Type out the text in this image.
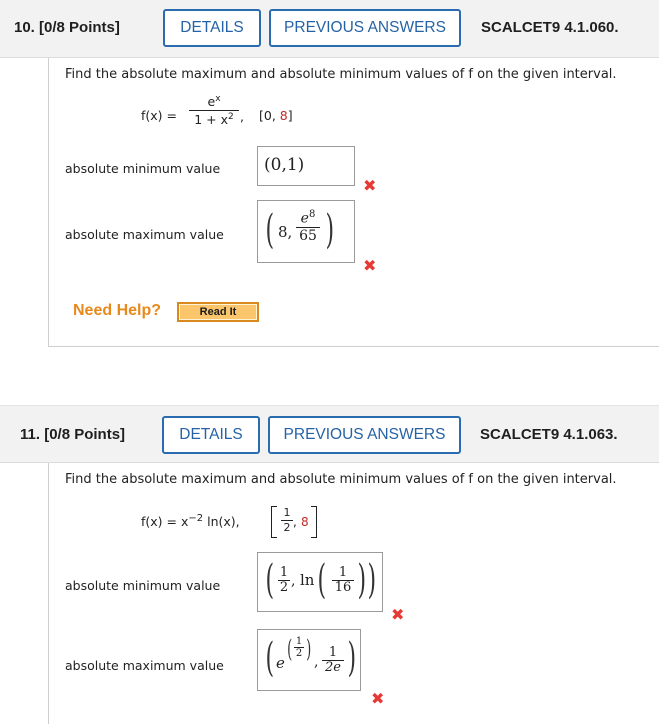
10. [0/8 Points]	DETAILS	PREVIOUS ANSWERS SCALCET9 4.1.060.
Find the absolute maximum and absolute minimum values of f on the given interval.
f(x) =
$e^x$
$1 + x^2$ , [0, 8]
absolute minimum value	(0,1)
✖
absolute maximum value ( 8,
$e^8$
65 )
✖
Need Help?	Read It
11. [0/8 Points]	DETAILS	PREVIOUS ANSWERS SCALCET9 4.1.063.
Find the absolute maximum and absolute minimum values of f on the given interval.
$f(x) = x^{-2}$ ln(x),
1
2 , 8
absolute minimum value ( 1
2 , ln ( 1
16 ) )
✖
absolute maximum value ( e ( 1
2 ) ,
1
2e )
✖
